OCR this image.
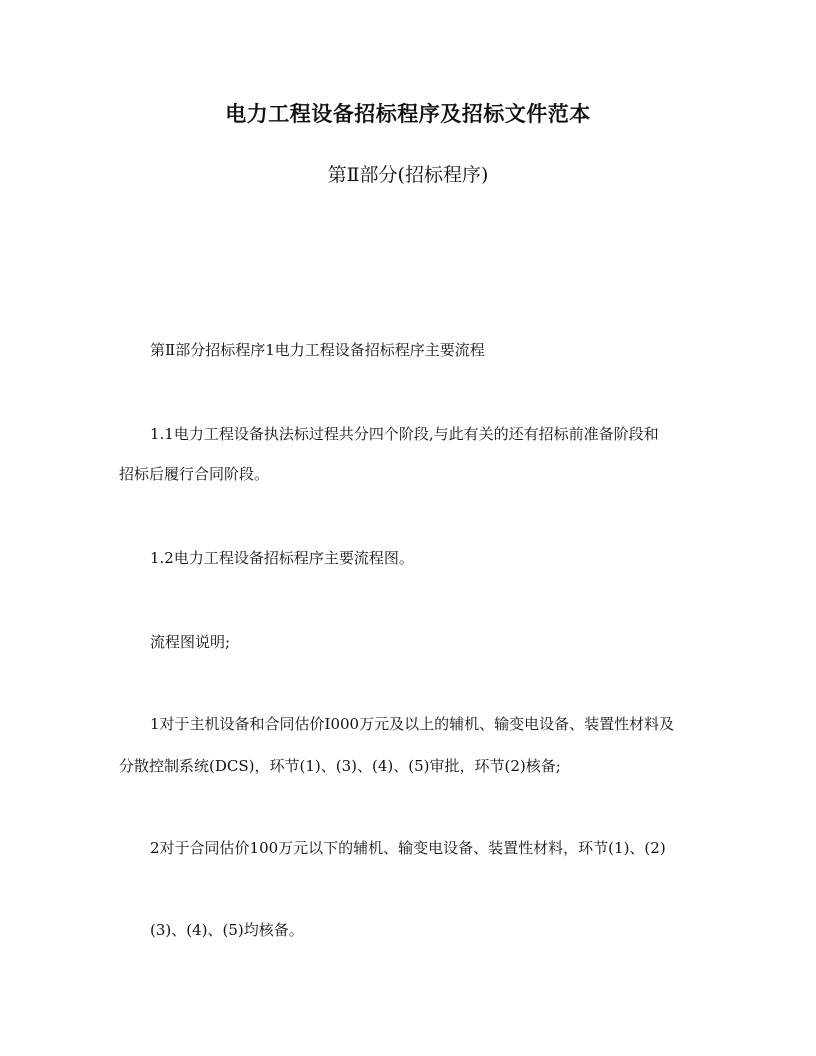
电力工程设备招标程序及招标文件范本
第Ⅱ部分(招标程序)
第Ⅱ部分招标程序1电力工程设备招标程序主要流程
1.1电力工程设备执法标过程共分四个阶段,与此有关的还有招标前准备阶段和
招标后履行合同阶段。
1.2电力工程设备招标程序主要流程图。
流程图说明;
1对于主机设备和合同估价I000万元及以上的辅机、输变电设备、装置性材料及
分散控制系统(DCS)，环节(1)、(3)、(4)、(5)审批，环节(2)核备;
2对于合同估价100万元以下的辅机、输变电设备、装置性材料，环节(1)、(2)
(3)、(4)、(5)均核备。
